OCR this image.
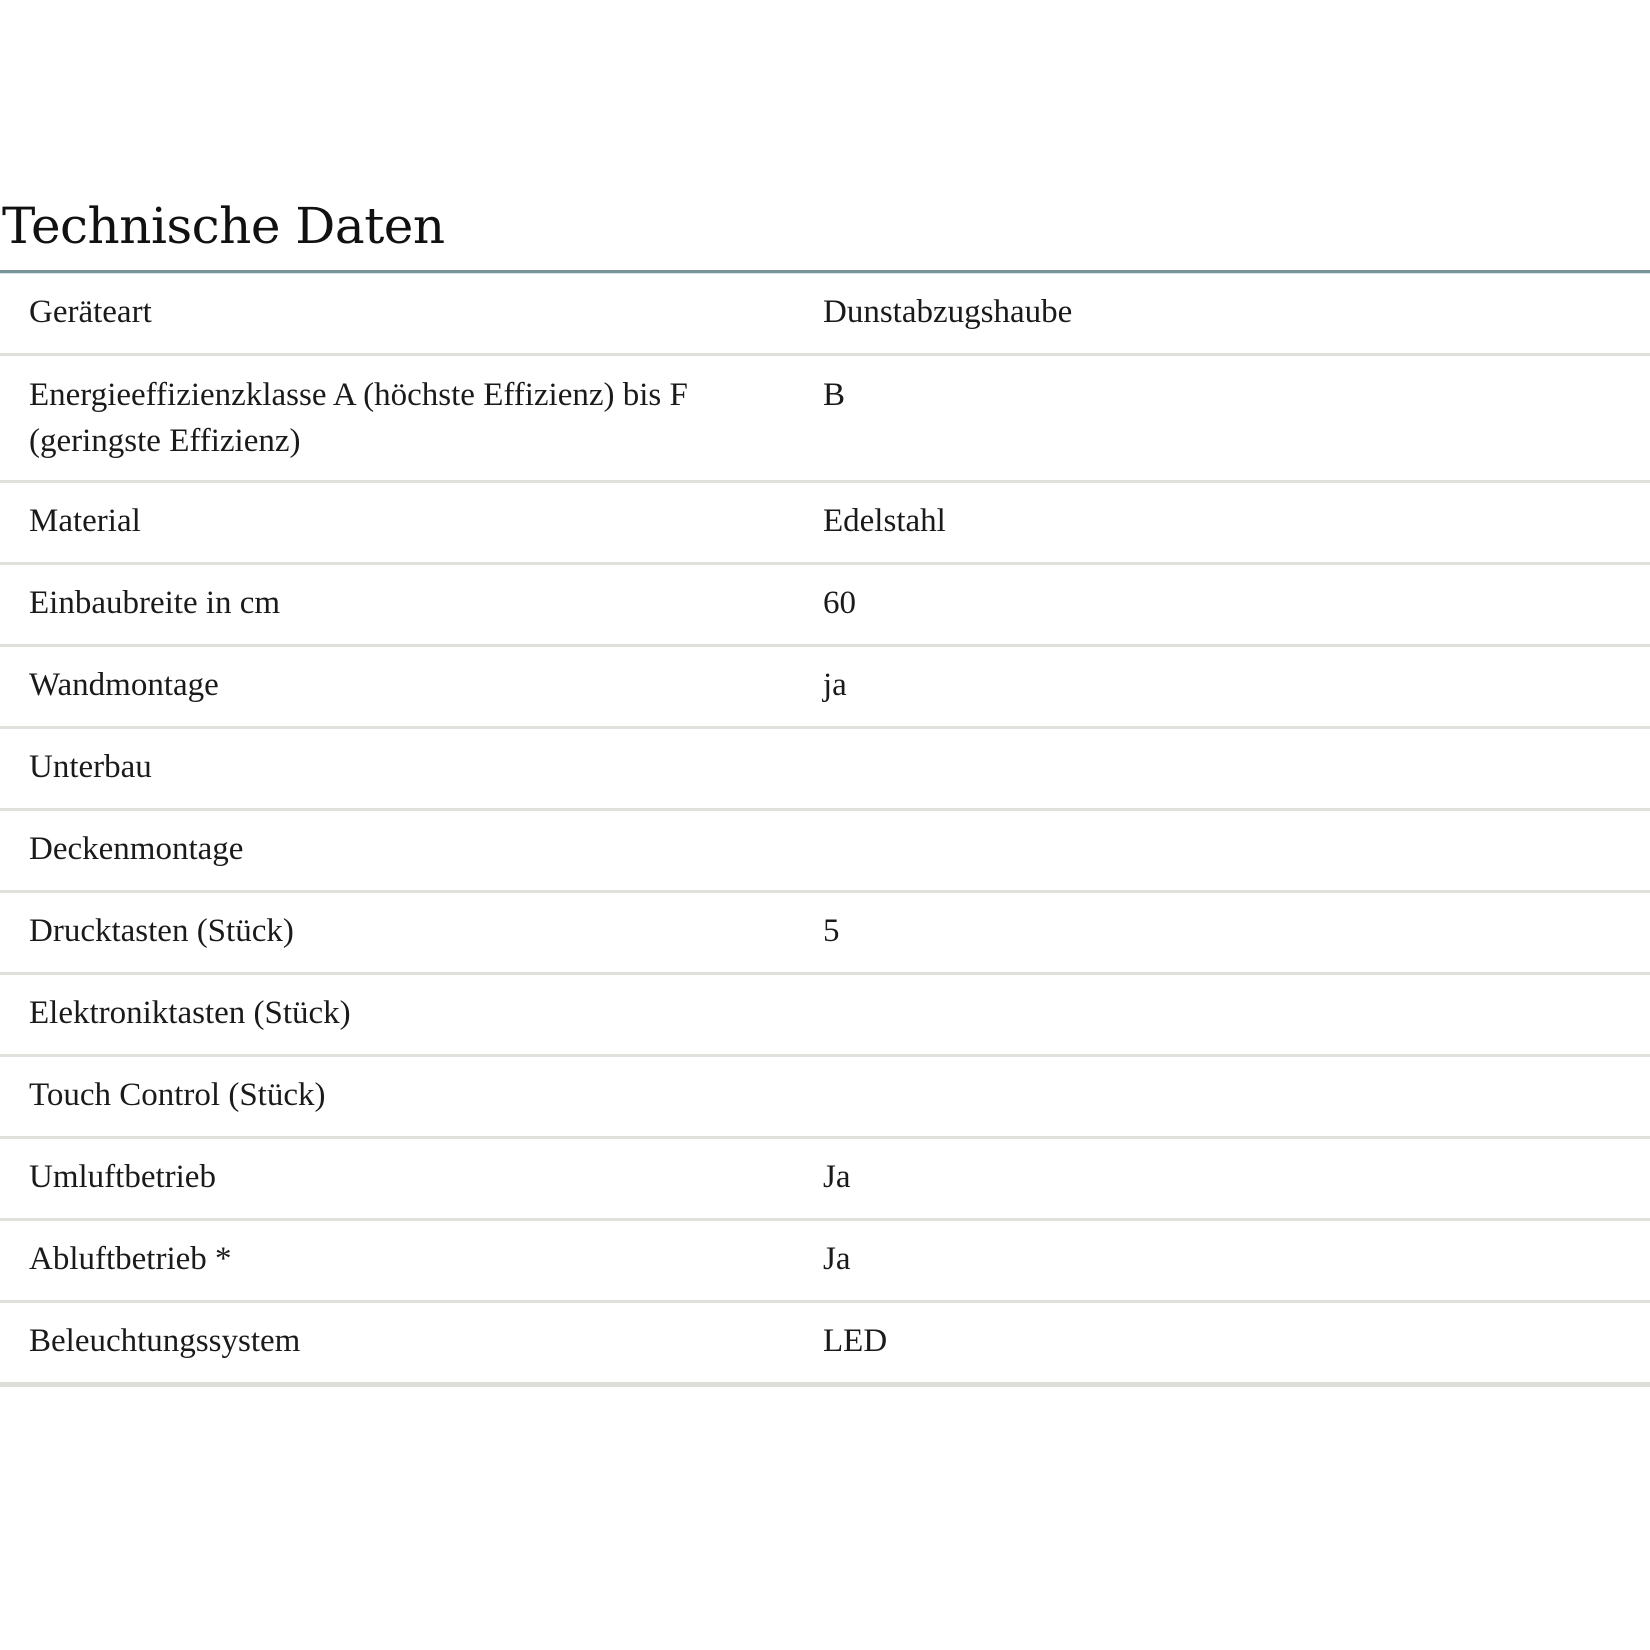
Technische Daten
Geräteart	Dunstabzugshaube
Energieeffizienzklasse A (höchste Effizienz) bis F (geringste Effizienz)	B
Material	Edelstahl
Einbaubreite in cm	60
Wandmontage	ja
Unterbau	
Deckenmontage	
Drucktasten (Stück)	5
Elektroniktasten (Stück)	
Touch Control (Stück)	
Umluftbetrieb	Ja
Abluftbetrieb *	Ja
Beleuchtungssystem	LED
